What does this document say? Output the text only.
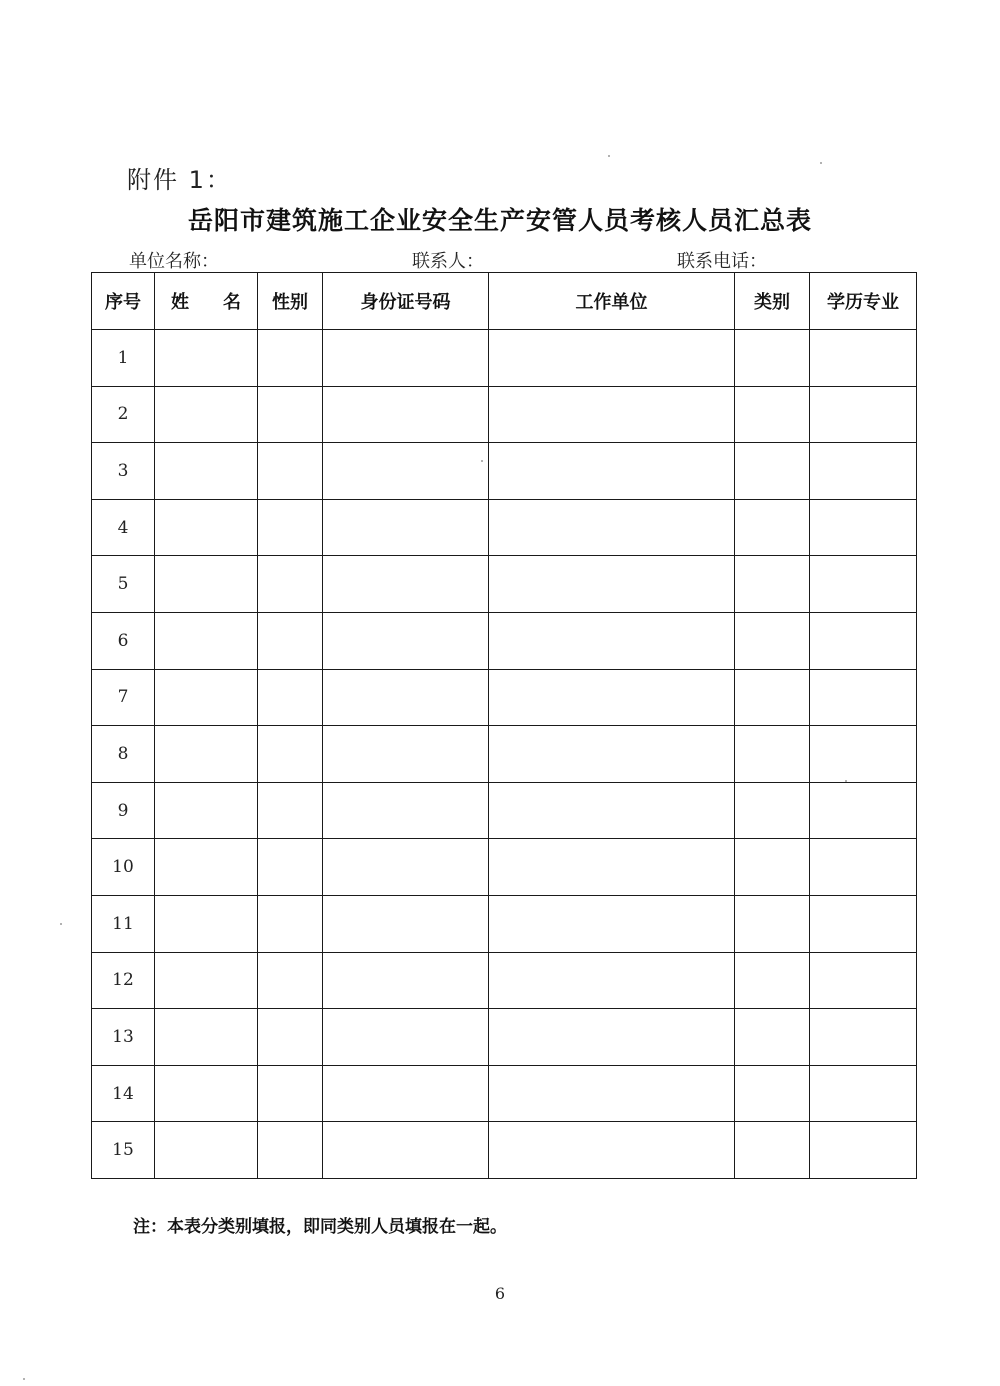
附件 1：
岳阳市建筑施工企业安全生产安管人员考核人员汇总表
单位名称：	联系人：	联系电话：
序号	姓 名	性别	身份证号码	工作单位	类别	学历专业
1						
2						
3						
4						
5						
6						
7						
8						
9						
10						
11						
12						
13						
14						
15						
注：本表分类别填报，即同类别人员填报在一起。
6
